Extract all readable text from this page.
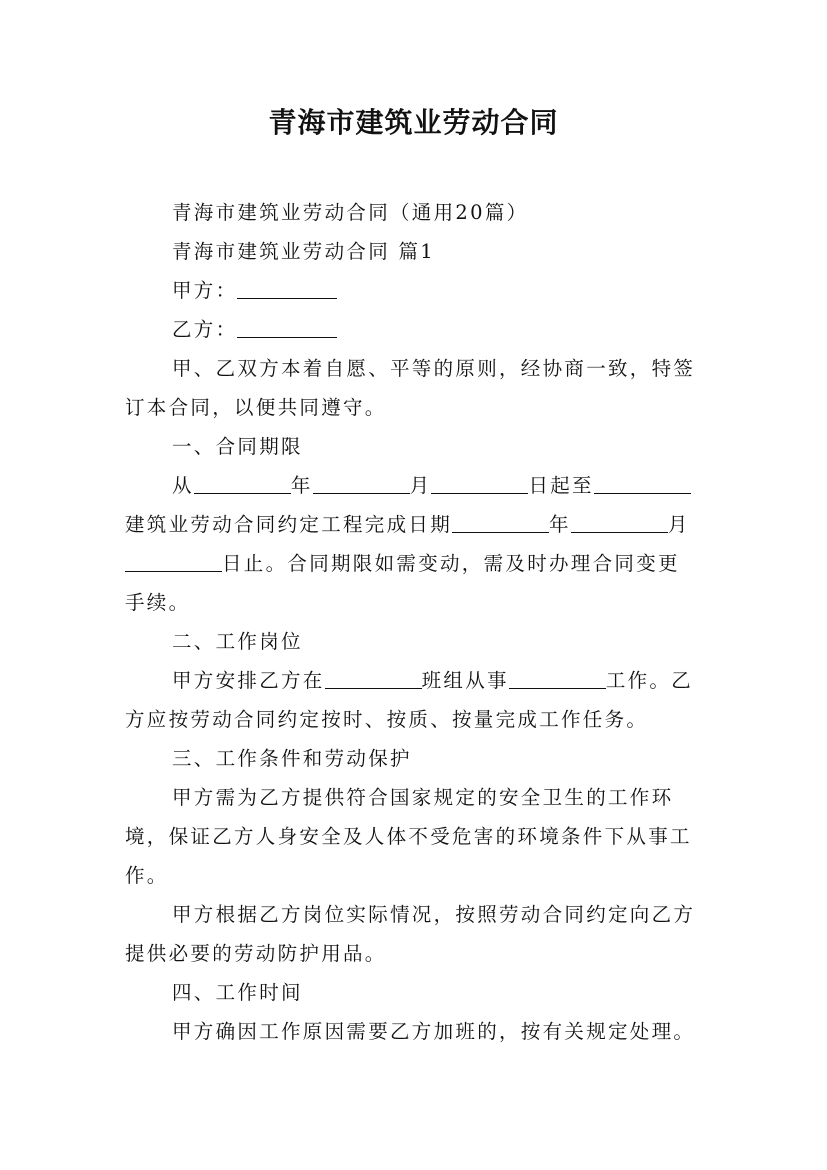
青海市建筑业劳动合同
青海市建筑业劳动合同（通用20篇）
青海市建筑业劳动合同 篇1
甲方：
乙方：
甲、乙双方本着自愿、平等的原则，经协商一致，特签
订本合同，以便共同遵守。
一、合同期限
从	年	月	日起至
建筑业劳动合同约定工程完成日期	年	月
日止。合同期限如需变动，需及时办理合同变更
手续。
二、工作岗位
甲方安排乙方在	班组从事	工作。乙
方应按劳动合同约定按时、按质、按量完成工作任务。
三、工作条件和劳动保护
甲方需为乙方提供符合国家规定的安全卫生的工作环
境，保证乙方人身安全及人体不受危害的环境条件下从事工
作。
甲方根据乙方岗位实际情况，按照劳动合同约定向乙方
提供必要的劳动防护用品。
四、工作时间
甲方确因工作原因需要乙方加班的，按有关规定处理。
